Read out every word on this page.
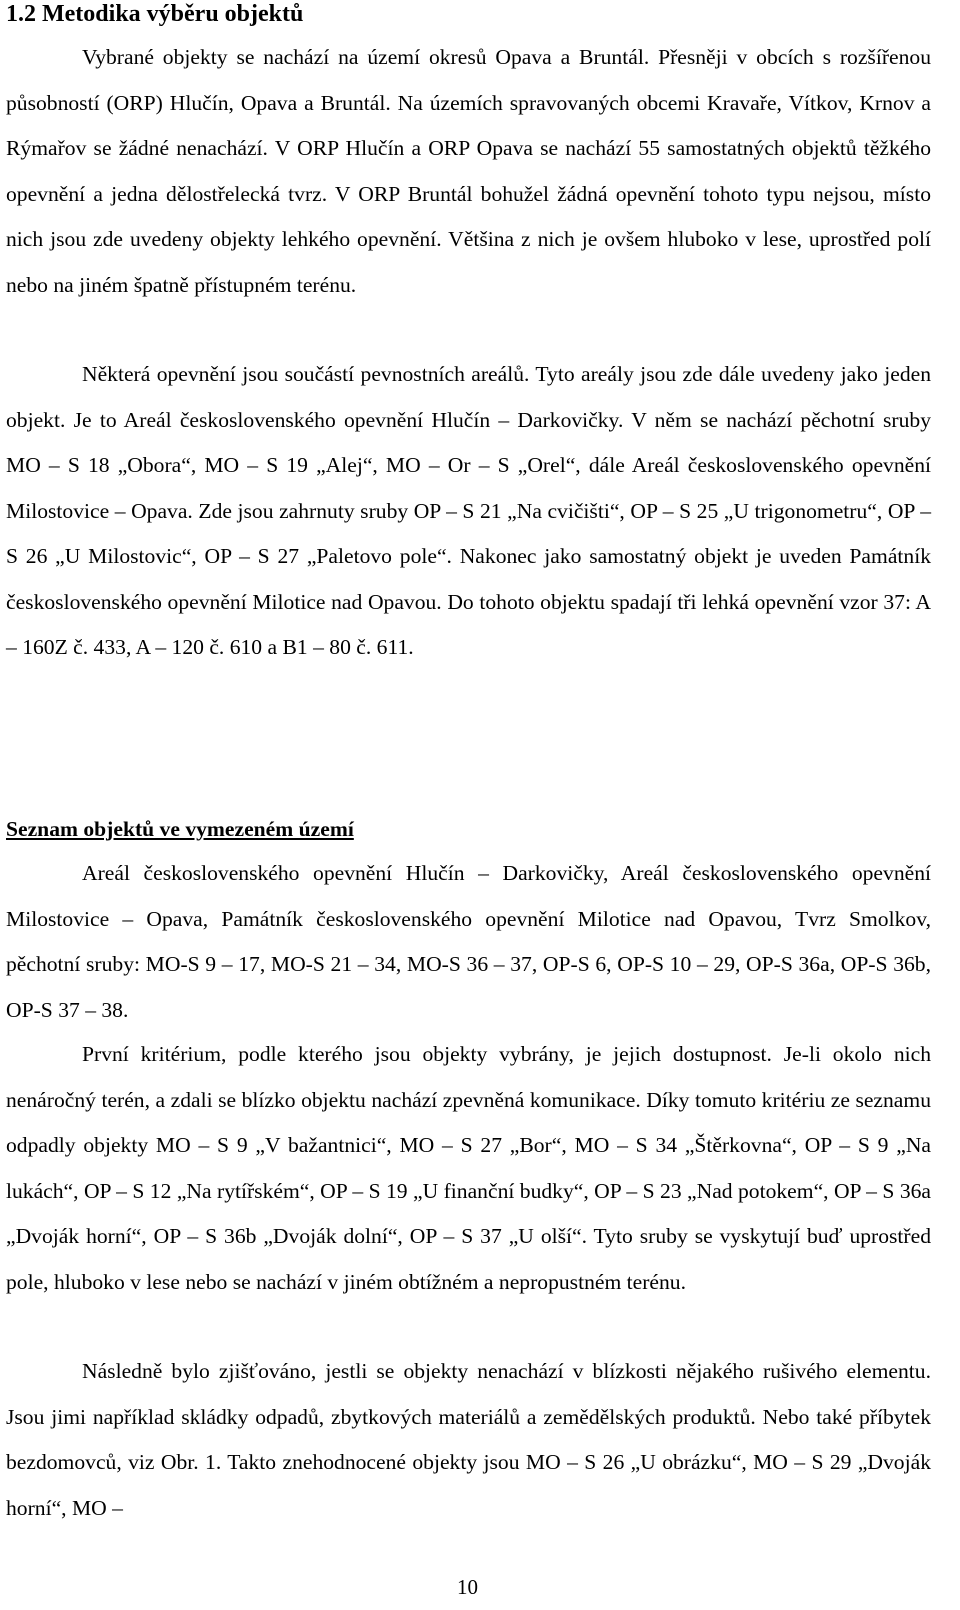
1.2 Metodika výběru objektů

Vybrané objekty se nachází na území okresů Opava a Bruntál. Přesněji v obcích s rozšířenou působností (ORP) Hlučín, Opava a Bruntál. Na územích spravovaných obcemi Kravaře, Vítkov, Krnov a Rýmařov se žádné nenachází. V ORP Hlučín a ORP Opava se nachází 55 samostatných objektů těžkého opevnění a jedna dělostřelecká tvrz. V ORP Bruntál bohužel žádná opevnění tohoto typu nejsou, místo nich jsou zde uvedeny objekty lehkého opevnění. Většina z nich je ovšem hluboko v lese, uprostřed polí nebo na jiném špatně přístupném terénu.

Některá opevnění jsou součástí pevnostních areálů. Tyto areály jsou zde dále uvedeny jako jeden objekt. Je to Areál československého opevnění Hlučín – Darkovičky. V něm se nachází pěchotní sruby MO – S 18 „Obora“, MO – S 19 „Alej“, MO – Or – S „Orel“, dále Areál československého opevnění Milostovice – Opava. Zde jsou zahrnuty sruby OP – S 21 „Na cvičišti“, OP – S 25 „U trigonometru“, OP – S 26 „U Milostovic“, OP – S 27 „Paletovo pole“. Nakonec jako samostatný objekt je uveden Památník československého opevnění Milotice nad Opavou. Do tohoto objektu spadají tři lehká opevnění vzor 37: A – 160Z č. 433, A – 120 č. 610 a B1 – 80 č. 611.

Seznam objektů ve vymezeném území

Areál československého opevnění Hlučín – Darkovičky, Areál československého opevnění Milostovice – Opava, Památník československého opevnění Milotice nad Opavou, Tvrz Smolkov, pěchotní sruby: MO-S 9 – 17, MO-S 21 – 34, MO-S 36 – 37, OP-S 6, OP-S 10 – 29, OP-S 36a, OP-S 36b, OP-S 37 – 38.

První kritérium, podle kterého jsou objekty vybrány, je jejich dostupnost. Je-li okolo nich nenáročný terén, a zdali se blízko objektu nachází zpevněná komunikace. Díky tomuto kritériu ze seznamu odpadly objekty MO – S 9 „V bažantnici“, MO – S 27 „Bor“, MO – S 34 „Štěrkovna“, OP – S 9 „Na lukách“, OP – S 12 „Na rytířském“, OP – S 19 „U finanční budky“, OP – S 23 „Nad potokem“, OP – S 36a „Dvoják horní“, OP – S 36b „Dvoják dolní“, OP – S 37 „U olší“. Tyto sruby se vyskytují buď uprostřed pole, hluboko v lese nebo se nachází v jiném obtížném a nepropustném terénu.

Následně bylo zjišťováno, jestli se objekty nenachází v blízkosti nějakého rušivého elementu. Jsou jimi například skládky odpadů, zbytkových materiálů a zemědělských produktů. Nebo také příbytek bezdomovců, viz Obr. 1. Takto znehodnocené objekty jsou MO – S 26 „U obrázku“, MO – S 29 „Dvoják horní“, MO –

10
